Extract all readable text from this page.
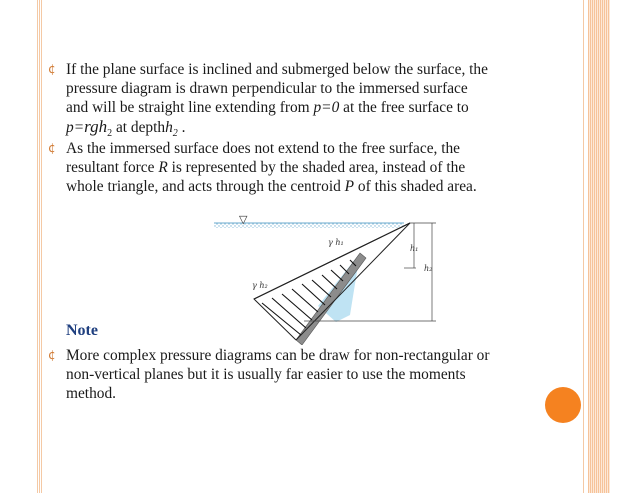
¢ If the plane surface is inclined and submerged below the surface, the
pressure diagram is drawn perpendicular to the immersed surface
and will be straight line extending from p=0 at the free surface to
p=rgh$_2$ at depthh$_2$ .
¢ As the immersed surface does not extend to the free surface, the
resultant force R is represented by the shaded area, instead of the
whole triangle, and acts through the centroid P of this shaded area.
▽
γ h₁
γ h₂
h₁
h₂
Note
¢ More complex pressure diagrams can be draw for non-rectangular or
non-vertical planes but it is usually far easier to use the moments
method.
